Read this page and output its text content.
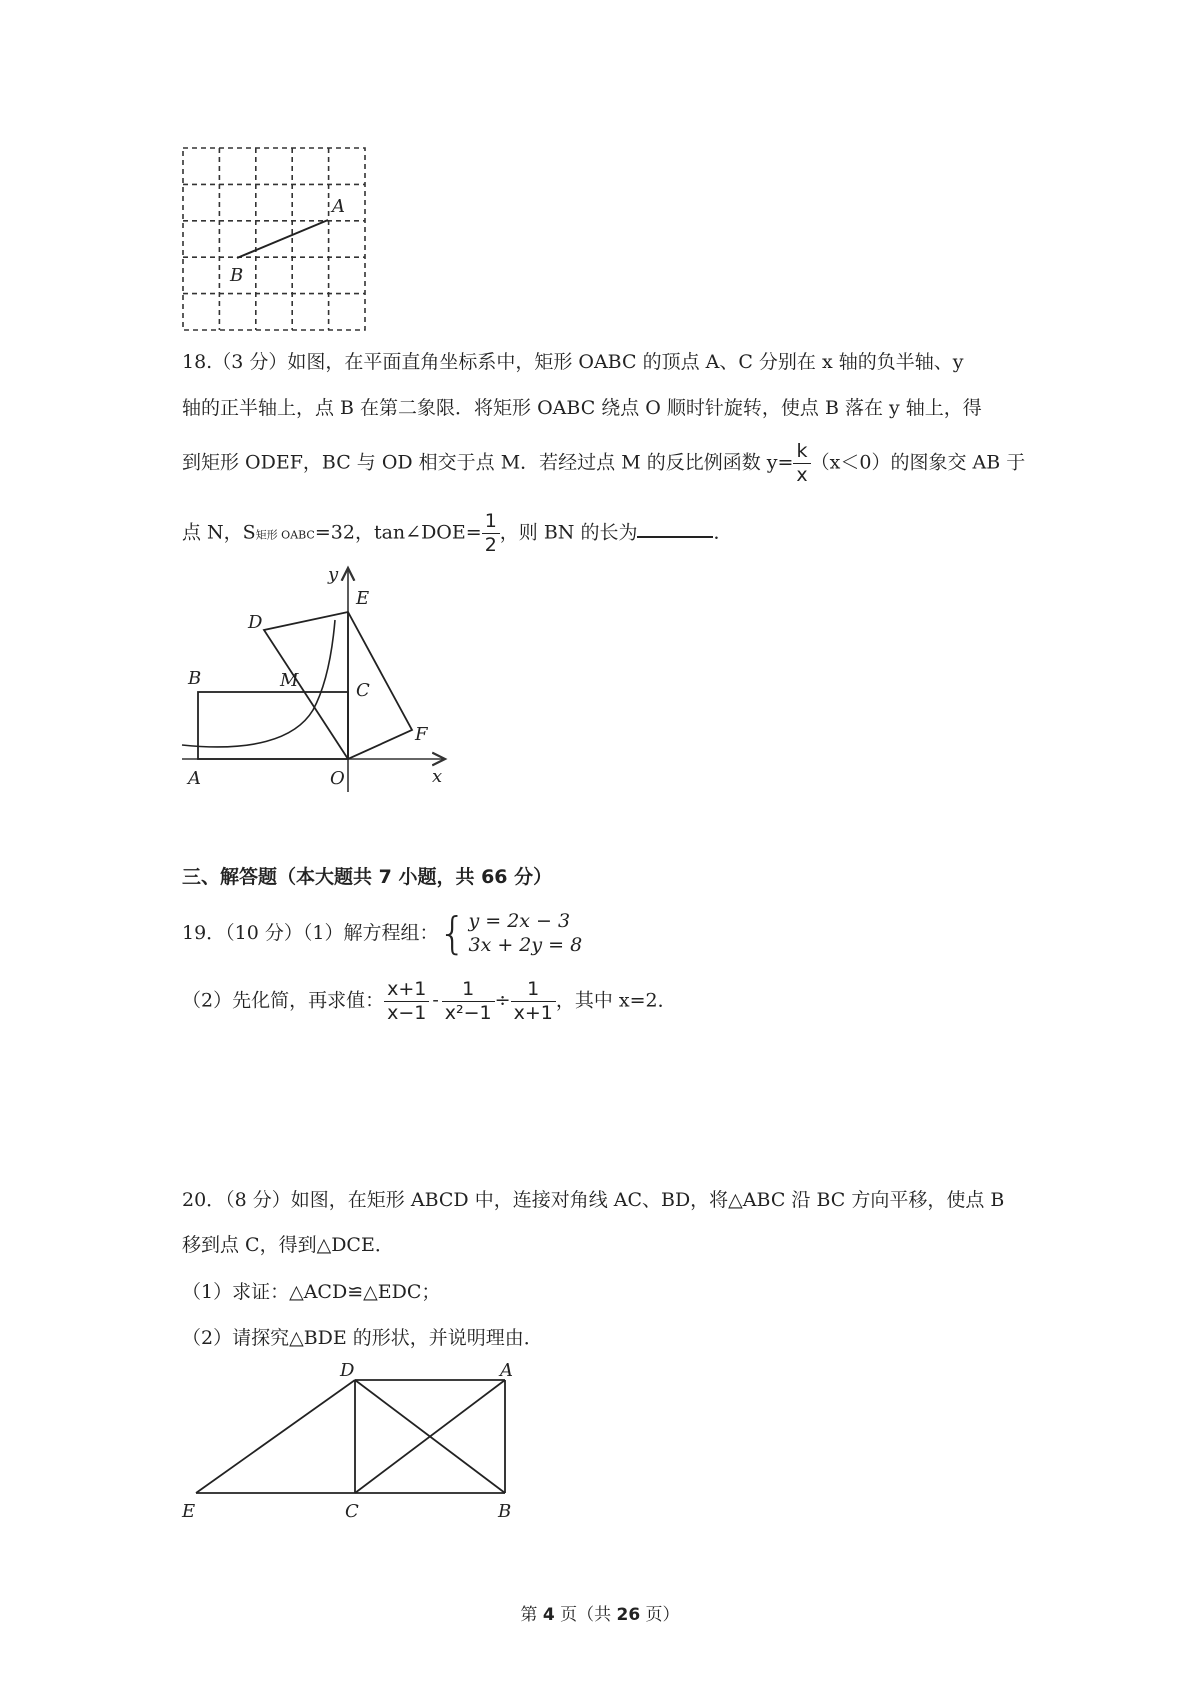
A
B
18.（3 分）如图，在平面直角坐标系中，矩形 OABC 的顶点 A、C 分别在 x 轴的负半轴、y
轴的正半轴上，点 B 在第二象限．将矩形 OABC 绕点 O 顺时针旋转，使点 B 落在 y 轴上，得
到矩形 ODEF，BC 与 OD 相交于点 M．若经过点 M 的反比例函数 $y= \frac{k}{x} (x<0)$的图象交 AB 于
点 N，S矩形 OABC=32，tan∠DOE= $\frac{1}{2}$ ，则 BN 的长为	．
y
x
E
D
B	M	C
F
A	O
三、解答题（本大题共 7 小题，共 66 分）
19．（10 分）（1）解方程组： { y = 2x − 3
3x + 2y = 8
（2）先化简，再求值： $\frac{x+1}{x-1} - \frac{1}{\text{x²−1}} \div \frac{1}{x+1}$ ，其中 x=2．
20．（8 分）如图，在矩形 ABCD 中，连接对角线 AC、BD，将△ABC 沿 BC 方向平移，使点 B
移到点 C，得到△DCE．
（1）求证：△ACD≌△EDC；
（2）请探究△BDE 的形状，并说明理由．
D	A
E	C	B
第 4 页（共 26 页）
